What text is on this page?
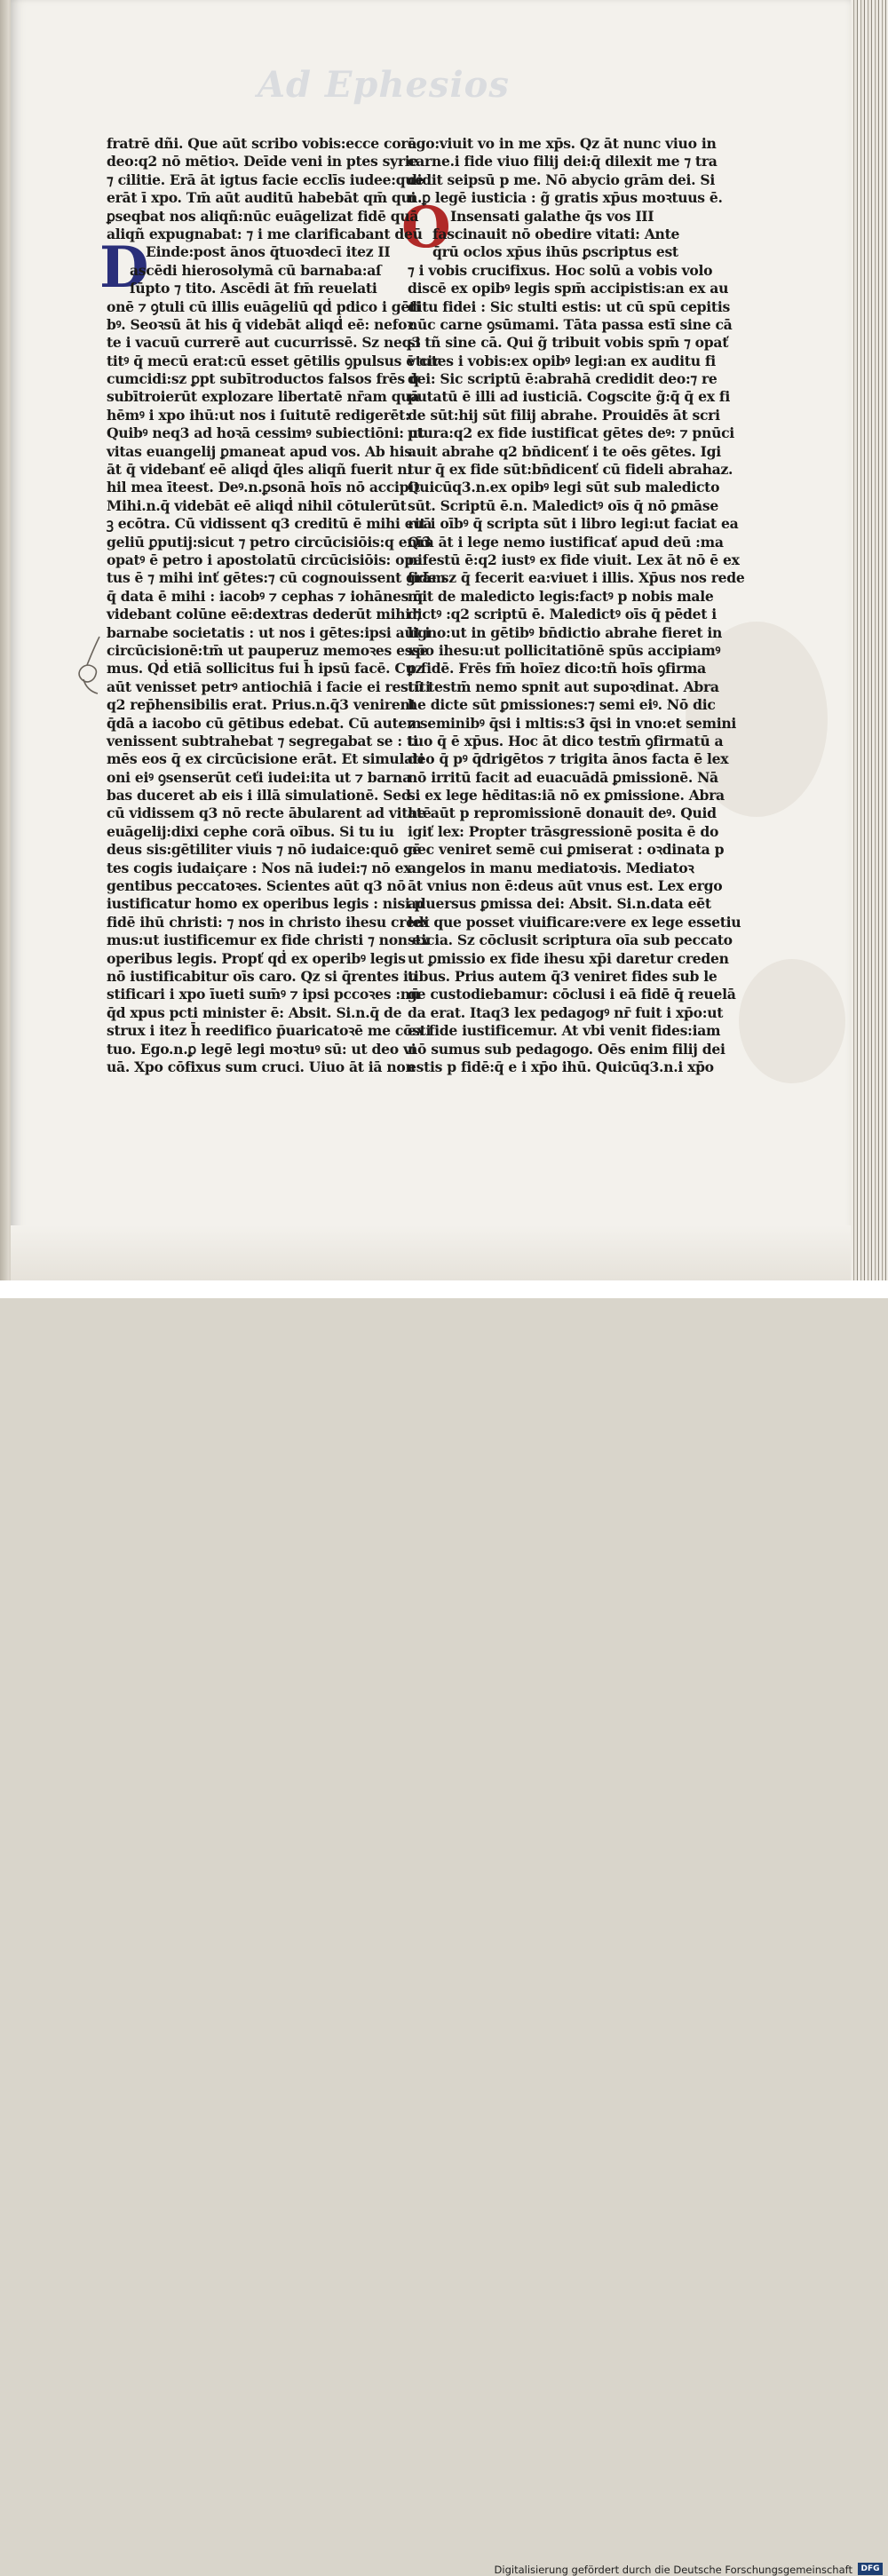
Ad Ephesios
D
O
fratrē dñi. Que aūt scribo vobis:ecce corā
deo:q2 nō mētioꝛ. Deīde veni in ptes syrie
⁊ cilitie. Erā āt igtus facie ecclīs iudee:que
erāt ī xpo. Tm̄ aūt auditū habebāt qm̄ qui
ꝑseqbat nos aliqñ:nūc euāgelizat fidē quā
aliqñ expugnabat: ⁊ i me clarificabant deū
Einde:post ānos q̄tuoꝛdecī itez II
ascēdi hierosolymā cū barnaba:aſ
ſūpto ⁊ tito. Ascēdi āt fm̄ reuelati
onē ⁊ ꝯtuli cū illis euāgeliū qḋ pdico i gēti
bꝰ. Seoꝛsū āt his q̄ videbāt aliqḋ eē: nefoꝛ
te i vacuū currerē aut cucurrissē. Sz neq3
titꝰ q̄ mecū erat:cū esset gētilis ꝯpulsus ē cir
cumcidi:sz ꝑpt subītroductos falsos frēs q̄
subītroierūt explozare libertatē nr̄am quā
hēmꝰ i xpo ihū:ut nos i ſuitutē redigerēt:
Quibꝰ neq3 ad hoꝛā cessimꝰ subiectiōni: ut
vitas euangelij ꝑmaneat apud vos. Ab his
āt q̄ videbanť eē aliqḋ q̄les aliqñ fuerit ni
hil mea īteest. Deꝰ.n.ꝑsonā hoīs nō accipit
Mihi.n.q̄ videbāt eē aliqḋ nihil cōtulerūt
ꝫ ecōtra. Cū vidissent q3 creditū ē mihi euā
geliū ꝑputij:sicut ⁊ petro circūcisiōis:q enī3
opatꝰ ē petro i apostolatū circūcisiōis: opa
tus ē ⁊ mihi inť gētes:⁊ cū cognouissent grām
q̄ data ē mihi : iacobꝰ ⁊ cephas ⁊ iohānes q̄
videbant colūne eē:dextras dederūt mihi ⁊
barnabe societatis : ut nos i gētes:ipsi aūt i
circūcisionē:tm̄ ut pauperuz memoꝛes esse
mus. Qḋ etiā sollicitus fui h̄ ipsū facē. Cuz
aūt venisset petrꝰ antiochiā i facie ei restiti
q2 rep̄hensibilis erat. Prius.n.q̄3 venirent
q̄dā a iacobo cū gētibus edebat. Cū autem
venissent subtrahebat ⁊ segregabat se : ti
mēs eos q̄ ex circūcisione erāt. Et simulati
oni eiꝰ ꝯsenserūt ceťi iudei:ita ut ⁊ barna
bas duceret ab eis i illā simulationē. Sed
cū vidissem q3 nō recte ābularent ad vitatē
euāgelij:dixi cephe corā oībus. Si tu iu
deus sis:gētiliter viuis ⁊ nō iudaice:quō gē
tes cogis iudaiçare : Nos nā iudei:⁊ nō ex
gentibus peccatoꝛes. Scientes aūt q3 nō
iustificatur homo ex operibus legis : nisi p
fidē ihū christi: ⁊ nos in christo ihesu credi
mus:ut iustificemur ex fide christi ⁊ non ex
operibus legis. Propť qḋ ex operibꝰ legis
nō iustificabitur oīs caro. Qz si q̄rentes iu
stificari i xpo īueti sum̄ꝰ ⁊ ipsi pccoꝛes :nū
q̄d xpus pcti minister ē: Absit. Si.n.q̄ de
strux i itez h̄ reedifico p̄uaricatoꝛē me cōsti
tuo. Ego.n.ꝑ legē legi moꝛtuꝰ sū: ut deo vi
uā. Xpo cōfixus sum cruci. Uiuo āt iā non
ego:viuit vo in me xp̄s. Qz āt nunc viuo in
carne.i fide viuo filij dei:q̄ dilexit me ⁊ tra
didit seipsū p me. Nō abycio grām dei. Si
n.ꝑ legē iusticia : g̃ gratis xp̄us moꝛtuus ē.
Insensati galathe q̄s vos III
fascinauit nō obedire vitati: Ante
q̄rū oclos xp̄us ihūs ꝑscriptus est
⁊ i vobis crucifixus. Hoc solū a vobis volo
discē ex opibꝰ legis spm̄ accipistis:an ex au
ditu fidei : Sic stulti estis: ut cū spū cepitis
nūc carne ꝯsūmami. Tāta passa estī sine cā
si tñ sine cā. Qui g̃ tribuit vobis spm̄ ⁊ opať
vtutes i vobis:ex opibꝰ legi:an ex auditu fi
dei: Sic scriptū ē:abrahā credidit deo:⁊ re
putatū ē illi ad iusticiā. Cogscite g̃:q̄ q̄ ex fi
de sūt:hij sūt filij abrahe. Prouidēs āt scri
ptura:q2 ex fide iustificat gētes deꝰ: ⁊ pnūci
auit abrahe q2 bn̄dicenť i te oēs gētes. Igi
tur q̄ ex fide sūt:bn̄dicenť cū fideli abrahaz.
Quicūq3.n.ex opibꝰ legi sūt sub maledicto
sūt. Scriptū ē.n. Maledictꝰ oīs q̄ nō ꝑmāse
rit i oībꝰ q̄ scripta sūt i libro legi:ut faciat ea
Qm̄ āt i lege nemo iustificať apud deū :ma
nifestū ē:q2 iustꝰ ex fide viuit. Lex āt nō ē ex
fide:sz q̄ fecerit ea:viuet i illis. Xp̄us nos rede
mit de maledicto legis:factꝰ p nobis male
dictꝰ :q2 scriptū ē. Maledictꝰ oīs q̄ pēdet i
ligno:ut in gētibꝰ bn̄dictio abrahe fieret in
xp̄o ihesu:ut pollicitatiōnē spūs accipiamꝰ
ꝑ fidē. Frēs fm̄ hoīez dico:tñ hoīs ꝯfirma
tū testm̄ nemo spnit aut supoꝛdinat. Abra
he dicte sūt ꝑmissiones:⁊ semi eiꝰ. Nō dic
⁊ seminibꝰ q̄si i mltis:s3 q̄si in vno:et semini
tuo q̄ ē xp̄us. Hoc āt dico testm̄ ꝯfirmatū a
deo q̄ pꝰ q̄drigētos ⁊ trigita ānos facta ē lex
nō irritū facit ad euacuādā ꝑmissionē. Nā
si ex lege hēditas:iā nō ex ꝑmissione. Abra
he aūt p repromissionē donauit deꝰ. Quid
igiť lex: Propter trāsgressionē posita ē do
nec veniret semē cui ꝑmiserat : oꝛdinata p
angelos in manu mediatoꝛis. Mediatoꝛ
āt vnius non ē:deus aūt vnus est. Lex ergo
aduersus ꝑmissa dei: Absit. Si.n.data eēt
lex que posset viuificare:vere ex lege essetiu
sticia. Sz cōclusit scriptura oīa sub peccato
ut ꝑmissio ex fide ihesu xp̄i daretur creden
tibus. Prius autem q̄3 veniret fides sub le
ge custodiebamur: cōclusi i eā fidē q̄ reuelā
da erat. Itaq3 lex pedagogꝰ nr̄ fuit i xp̄o:ut
ex fide iustificemur. At vbi venit fides:iam
nō sumus sub pedagogo. Oēs enim filij dei
estis p fidē:q̄ e i xp̄o ihū. Quicūq3.n.i xp̄o
Digitalisierung gefördert durch die Deutsche Forschungsgemeinschaft	DFG
